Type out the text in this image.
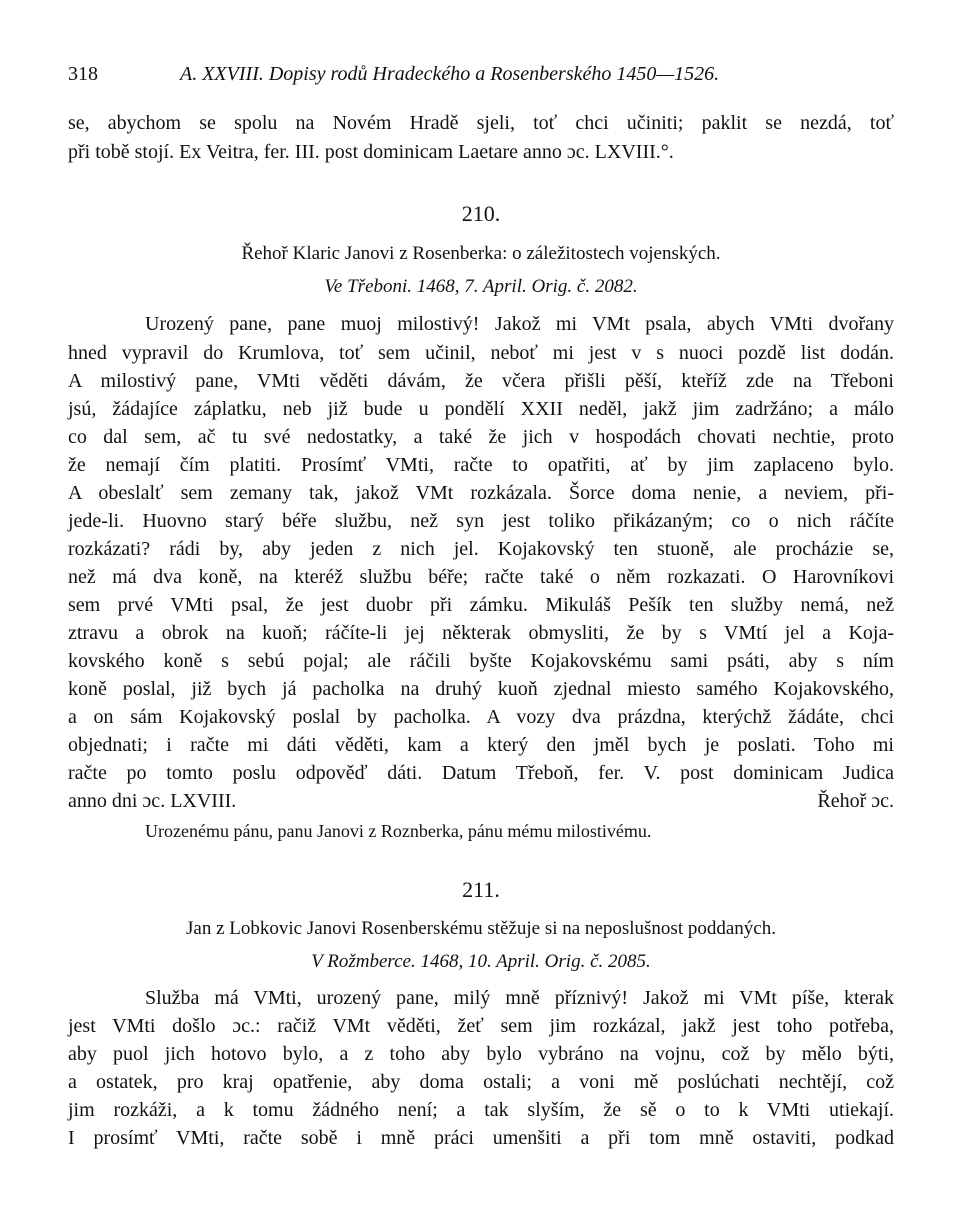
318	A. XXVIII. Dopisy rodů Hradeckého a Rosenberského 1450—1526.
se, abychom se spolu na Novém Hradě sjeli, toť chci učiniti; paklit se nezdá, toť
při tobě stojí. Ex Veitra, fer. III. post dominicam Laetare anno ɔc. LXVIII.°.
210.
Řehoř Klaric Janovi z Rosenberka: o záležitostech vojenských.
Ve Třeboni. 1468, 7. April. Orig. č. 2082.
Urozený pane, pane muoj milostivý! Jakož mi VMt psala, abych VMti dvořany
hned vypravil do Krumlova, toť sem učinil, neboť mi jest v s nuoci pozdě list dodán.
A milostivý pane, VMti věděti dávám, že včera přišli pěší, kteříž zde na Třeboni
jsú, žádajíce záplatku, neb již bude u pondělí XXII neděl, jakž jim zadržáno; a málo
co dal sem, ač tu své nedostatky, a také že jich v hospodách chovati nechtie, proto
že nemají čím platiti. Prosímť VMti, račte to opatřiti, ať by jim zaplaceno bylo.
A obeslalť sem zemany tak, jakož VMt rozkázala. Šorce doma nenie, a neviem, při-
jede-li. Huovno starý béře službu, než syn jest toliko přikázaným; co o nich ráčíte
rozkázati? rádi by, aby jeden z nich jel. Kojakovský ten stuoně, ale procházie se,
než má dva koně, na kteréž službu béře; račte také o něm rozkazati. O Harovníkovi
sem prvé VMti psal, že jest duobr při zámku. Mikuláš Pešík ten služby nemá, než
ztravu a obrok na kuoň; ráčíte-li jej některak obmysliti, že by s VMtí jel a Koja-
kovského koně s sebú pojal; ale ráčili byšte Kojakovskému sami psáti, aby s ním
koně poslal, již bych já pacholka na druhý kuoň zjednal miesto samého Kojakovského,
a on sám Kojakovský poslal by pacholka. A vozy dva prázdna, kterýchž žádáte, chci
objednati; i račte mi dáti věděti, kam a který den jměl bych je poslati. Toho mi
račte po tomto poslu odpověď dáti. Datum Třeboň, fer. V. post dominicam Judica
anno dni ɔc. LXVIII.	Řehoř ɔc.
Urozenému pánu, panu Janovi z Roznberka, pánu mému milostivému.
211.
Jan z Lobkovic Janovi Rosenberskému stěžuje si na neposlušnost poddaných.
V Rožmberce. 1468, 10. April. Orig. č. 2085.
Služba má VMti, urozený pane, milý mně příznivý! Jakož mi VMt píše, kterak
jest VMti došlo ɔc.: račiž VMt věděti, žeť sem jim rozkázal, jakž jest toho potřeba,
aby puol jich hotovo bylo, a z toho aby bylo vybráno na vojnu, což by mělo býti,
a ostatek, pro kraj opatřenie, aby doma ostali; a voni mě poslúchati nechtějí, což
jim rozkáži, a k tomu žádného není; a tak slyším, že sě o to k VMti utiekají.
I prosímť VMti, račte sobě i mně práci umenšiti a při tom mně ostaviti, podkad
